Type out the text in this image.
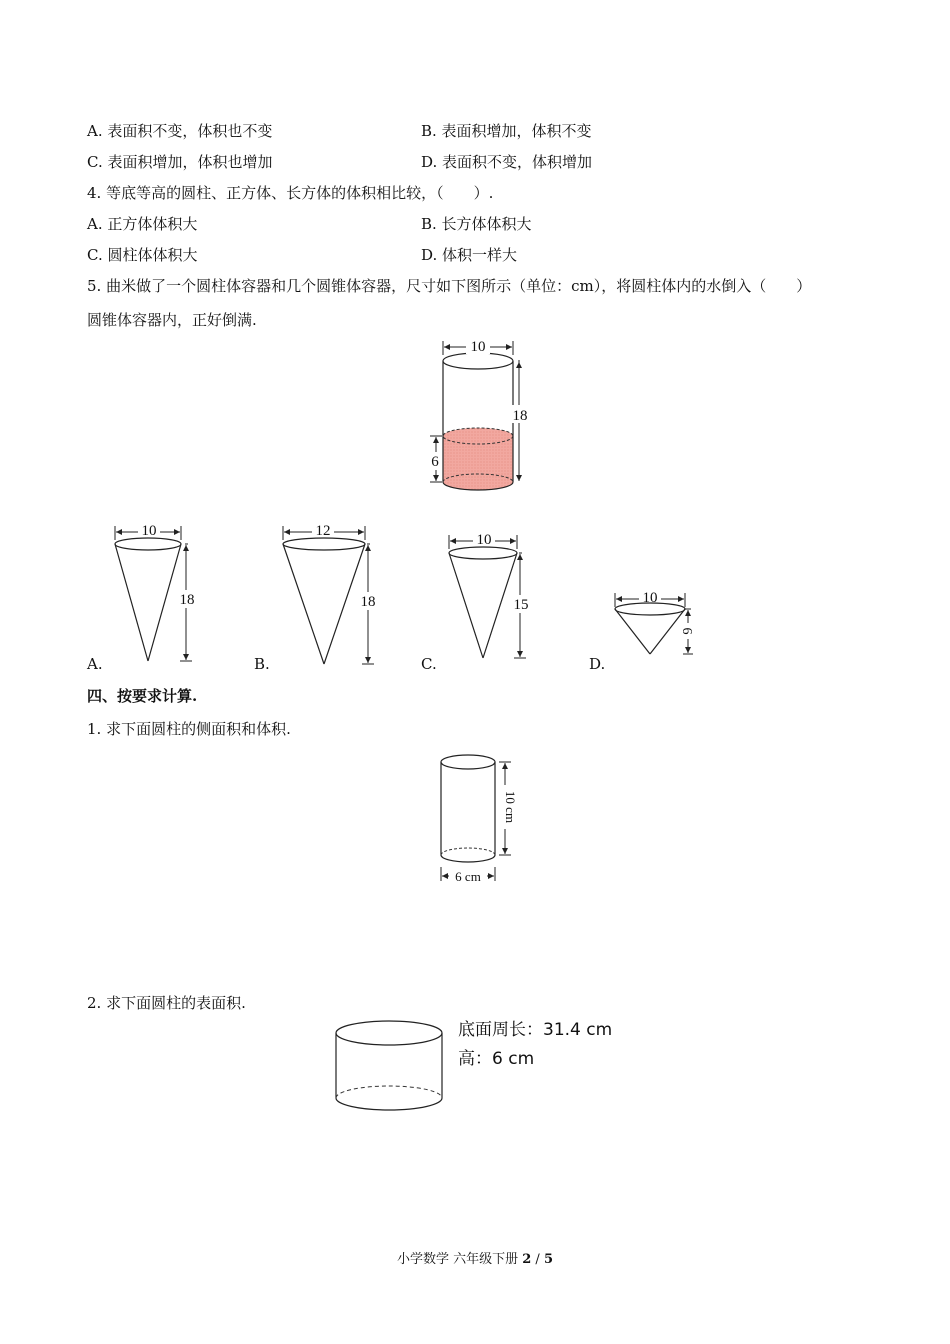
A. 表面积不变，体积也不变	B. 表面积增加，体积不变
C. 表面积增加，体积也增加	D. 表面积不变，体积增加
4. 等底等高的圆柱、正方体、长方体的体积相比较，（　　）.
A. 正方体体积大	B. 长方体体积大
C. 圆柱体体积大	D. 体积一样大
5. 曲米做了一个圆柱体容器和几个圆锥体容器，尺寸如下图所示（单位：cm），将圆柱体内的水倒入（　　）
圆锥体容器内，正好倒满.
10
18
6
10
18
A.
12
18
B.
10
15
C.
10
6
D.
四、按要求计算.
1. 求下面圆柱的侧面积和体积.
10 cm
6 cm
2. 求下面圆柱的表面积.
底面周长：31.4 cm
高：6 cm
小学数学 六年级下册 2 / 5
